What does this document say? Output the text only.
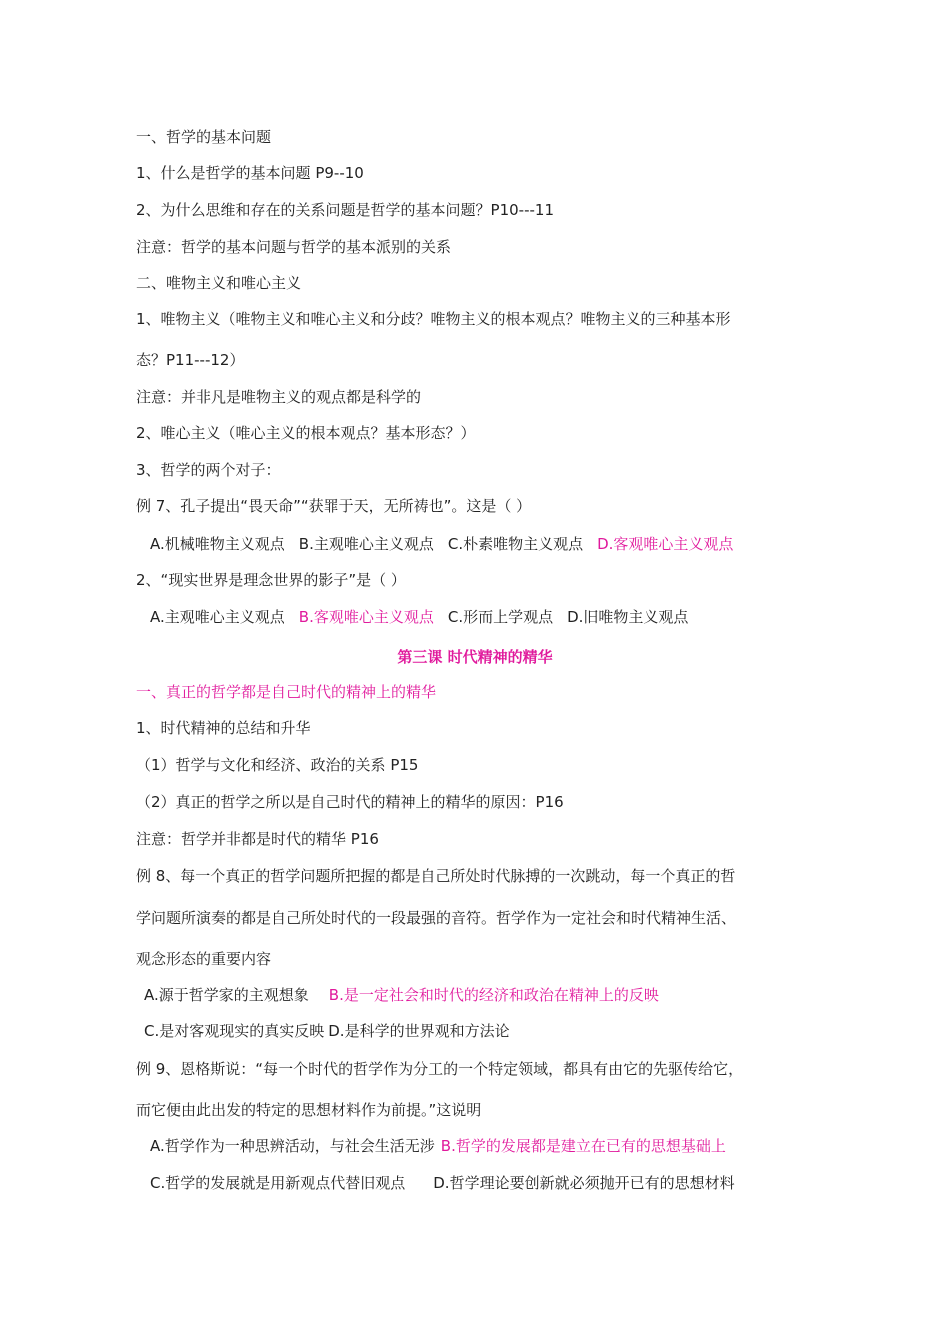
一、哲学的基本问题
1、什么是哲学的基本问题 P9--10
2、为什么思维和存在的关系问题是哲学的基本问题？P10---11
注意：哲学的基本问题与哲学的基本派别的关系
二、唯物主义和唯心主义
1、唯物主义（唯物主义和唯心主义和分歧？唯物主义的根本观点？唯物主义的三种基本形
态？P11---12）
注意：并非凡是唯物主义的观点都是科学的
2、唯心主义（唯心主义的根本观点？基本形态？）
3、哲学的两个对子：
例 7、孔子提出“畏天命”“获罪于天，无所祷也”。这是（ ）
A.机械唯物主义观点 B.主观唯心主义观点 C.朴素唯物主义观点 D.客观唯心主义观点
2、“现实世界是理念世界的影子”是（ ）
A.主观唯心主义观点 B.客观唯心主义观点 C.形而上学观点 D.旧唯物主义观点
第三课 时代精神的精华
一、真正的哲学都是自己时代的精神上的精华
1、时代精神的总结和升华
（1）哲学与文化和经济、政治的关系 P15
（2）真正的哲学之所以是自己时代的精神上的精华的原因：P16
注意：哲学并非都是时代的精华 P16
例 8、每一个真正的哲学问题所把握的都是自己所处时代脉搏的一次跳动，每一个真正的哲
学问题所演奏的都是自己所处时代的一段最强的音符。哲学作为一定社会和时代精神生活、
观念形态的重要内容
A.源于哲学家的主观想象 B.是一定社会和时代的经济和政治在精神上的反映
C.是对客观现实的真实反映 D.是科学的世界观和方法论
例 9、恩格斯说：“每一个时代的哲学作为分工的一个特定领域，都具有由它的先驱传给它，
而它便由此出发的特定的思想材料作为前提。”这说明
A.哲学作为一种思辨活动，与社会生活无涉 B.哲学的发展都是建立在已有的思想基础上
C.哲学的发展就是用新观点代替旧观点 D.哲学理论要创新就必须抛开已有的思想材料
